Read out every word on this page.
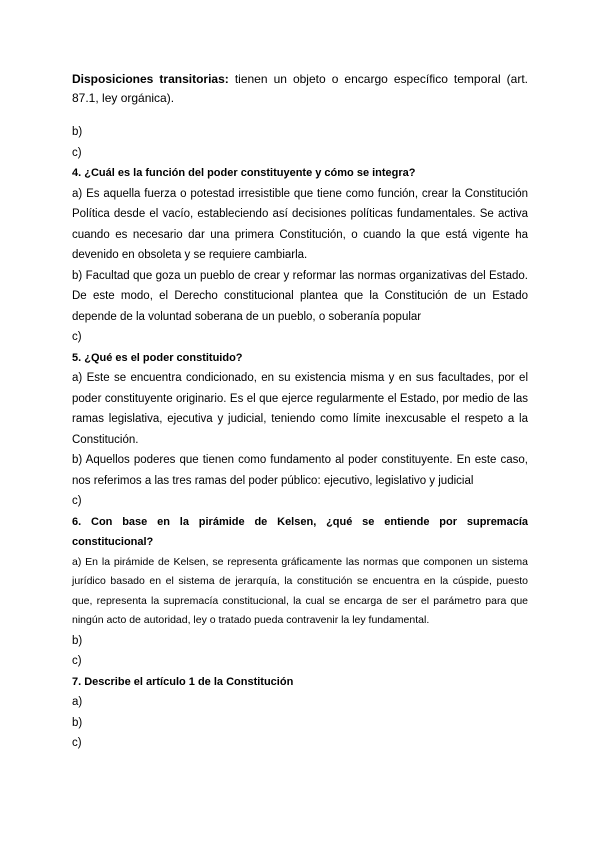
Disposiciones transitorias: tienen un objeto o encargo específico temporal (art. 87.1, ley orgánica).

b)

c)

4. ¿Cuál es la función del poder constituyente y cómo se integra?

a) Es aquella fuerza o potestad irresistible que tiene como función, crear la Constitución Política desde el vacío, estableciendo así decisiones políticas fundamentales. Se activa cuando es necesario dar una primera Constitución, o cuando la que está vigente ha devenido en obsoleta y se requiere cambiarla.

b) Facultad que goza un pueblo de crear y reformar las normas organizativas del Estado. De este modo, el Derecho constitucional plantea que la Constitución de un Estado depende de la voluntad soberana de un pueblo, o soberanía popular

c)

5. ¿Qué es el poder constituido?

a) Este se encuentra condicionado, en su existencia misma y en sus facultades, por el poder constituyente originario. Es el que ejerce regularmente el Estado, por medio de las ramas legislativa, ejecutiva y judicial, teniendo como límite inexcusable el respeto a la Constitución.

b) Aquellos poderes que tienen como fundamento al poder constituyente. En este caso, nos referimos a las tres ramas del poder público: ejecutivo, legislativo y judicial

c)

6. Con base en la pirámide de Kelsen, ¿qué se entiende por supremacía constitucional?

a) En la pirámide de Kelsen, se representa gráficamente las normas que componen un sistema jurídico basado en el sistema de jerarquía, la constitución se encuentra en la cúspide, puesto que, representa la supremacía constitucional, la cual se encarga de ser el parámetro para que ningún acto de autoridad, ley o tratado pueda contravenir la ley fundamental.

b)

c)

7. Describe el artículo 1 de la Constitución

a)

b)

c)
